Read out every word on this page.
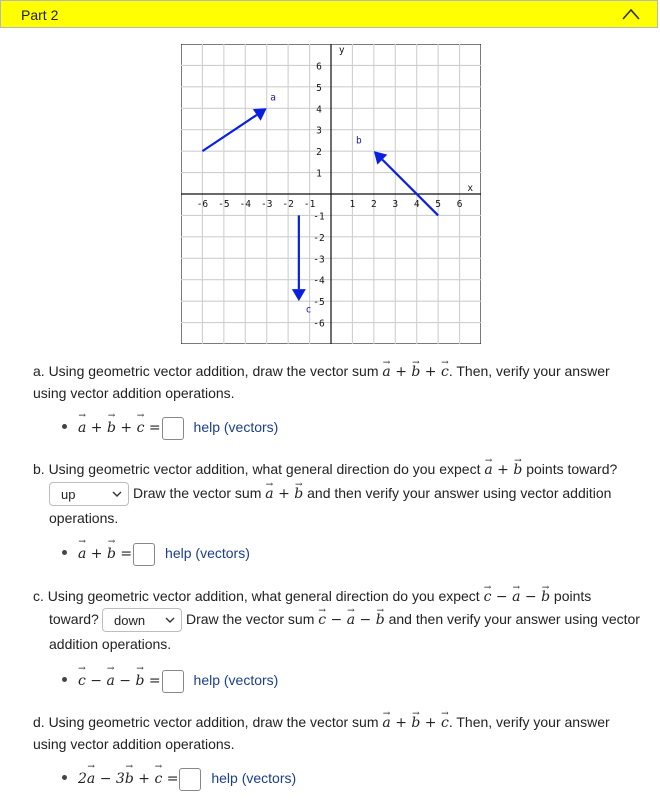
Part 2
-6 -5 -4 -3 -2 -1	1 2 3 4 5 6
6
5
4
3
2
1
-1
-2
-3
-4
-5
-6
y
x
a
b
c
a. Using geometric vector addition, draw the vector sum a → + b → + c →. Then, verify your answer
using vector addition operations.
a → + b → + c → = help (vectors)
b. Using geometric vector addition, what general direction do you expect a → + b → points toward?
up	Draw the vector sum a → + b → and then verify your answer using vector addition
operations.
a → + b → = help (vectors)
c. Using geometric vector addition, what general direction do you expect c → − a → − b → points
toward? down	Draw the vector sum c → − a → − b → and then verify your answer using vector
addition operations.
c → − a → − b → = help (vectors)
d. Using geometric vector addition, draw the vector sum a → + b → + c →. Then, verify your answer
using vector addition operations.
2a → − 3b → + c → = help (vectors)
